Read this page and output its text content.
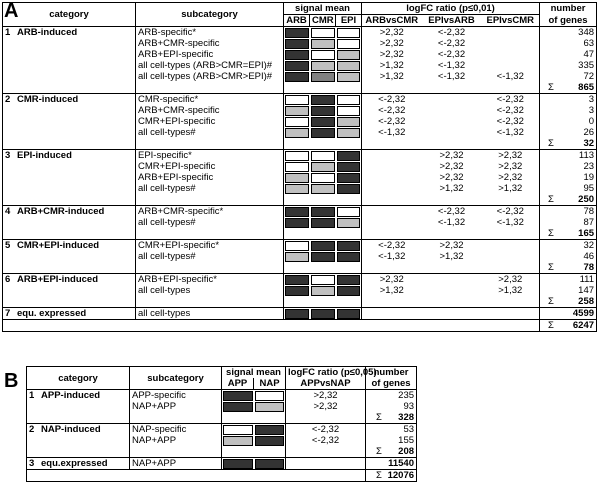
A
B
category	subcategory	signal mean			logFC ratio (p≤0,01)			number
		ARB	CMR	EPI	ARBvsCMR	EPIvsARB	EPIvsCMR	of genes
1 ARB-induced	ARB-specific*				>2,32	<-2,32		348
	ARB+CMR-specific				>2,32	<-2,32		63
	ARB+EPI-specific				>2,32	<-2,32		47
	all cell-types (ARB>CMR=EPI)#				>1,32	<-1,32		335
	all cell-types (ARB>CMR>EPI)#				>1,32	<-1,32	<-1,32	72

								Σ 865
2 CMR-induced	CMR-specific*				<-2,32		<-2,32	3
	ARB+CMR-specific				<-2,32		<-2,32	3
	CMR+EPI-specific				<-2,32		<-2,32	0
	all cell-types#				<-1,32		<-1,32	26

								Σ 32
3 EPI-induced	EPI-specific*					>2,32	>2,32	113
	CMR+EPI-specific					>2,32	>2,32	23
	ARB+EPI-specific					>2,32	>2,32	19
	all cell-types#					>1,32	>1,32	95

								Σ 250
4 ARB+CMR-induced	ARB+CMR-specific*					<-2,32	<-2,32	78
	all cell-types#					<-1,32	<-1,32	87

								Σ 165
5 CMR+EPI-induced	CMR+EPI-specific*				<-2,32	>2,32		32
	all cell-types#				<-1,32	>1,32		46

								Σ 78
6 ARB+EPI-induced	ARB+EPI-specific*				>2,32		>2,32	111
	all cell-types				>1,32		>1,32	147

								Σ 258
7 equ. expressed	all cell-types							4599

								Σ 6247
category	subcategory	signal mean		logFC ratio (p≤0,05)	number
		APP	NAP	APPvsNAP	of genes
1 APP-induced	APP-specific			>2,32	235
	NAP+APP			>2,32	93

					Σ 328
2 NAP-induced	NAP-specific			<-2,32	53
	NAP+APP			<-2,32	155

					Σ 208
3 equ.expressed	NAP+APP				11540

					Σ 12076
